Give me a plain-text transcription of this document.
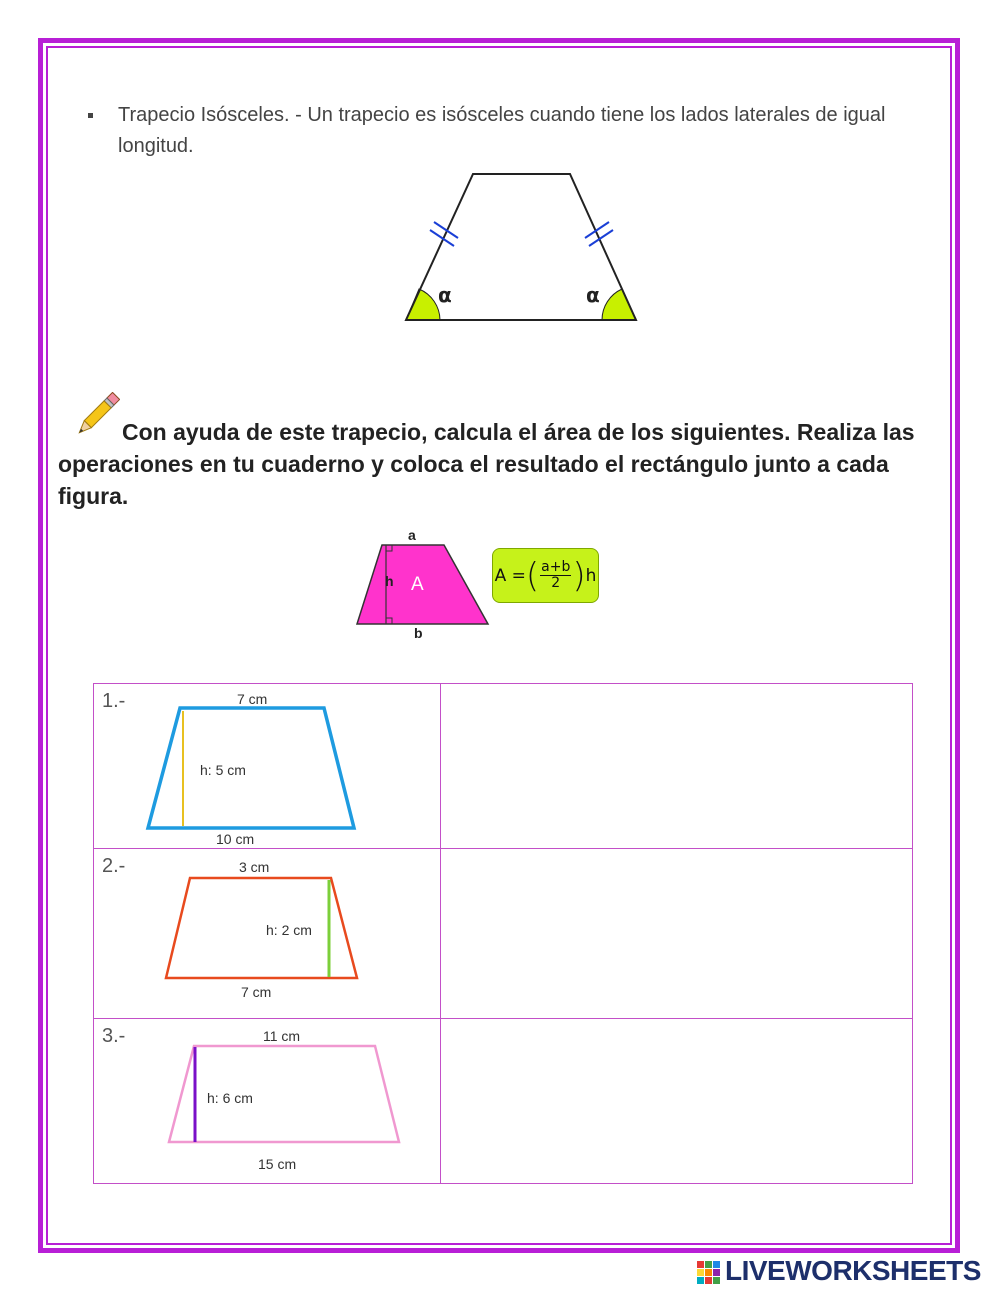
Trapecio Isósceles. - Un trapecio es isósceles cuando tiene los lados laterales de igual longitud.
α	α
Con ayuda de este trapecio, calcula el área de los siguientes. Realiza las operaciones en tu cuaderno y coloca el resultado el rectángulo junto a cada figura.
a
b
h A	A = ( $\frac{a+b}{2}$ ) h
1.- 7 cm
10 cm
h: 5 cm	

2.- 3 cm
7 cm
h: 2 cm	

3.- 11 cm
15 cm
h: 6 cm	

LIVEWORKSHEETS
